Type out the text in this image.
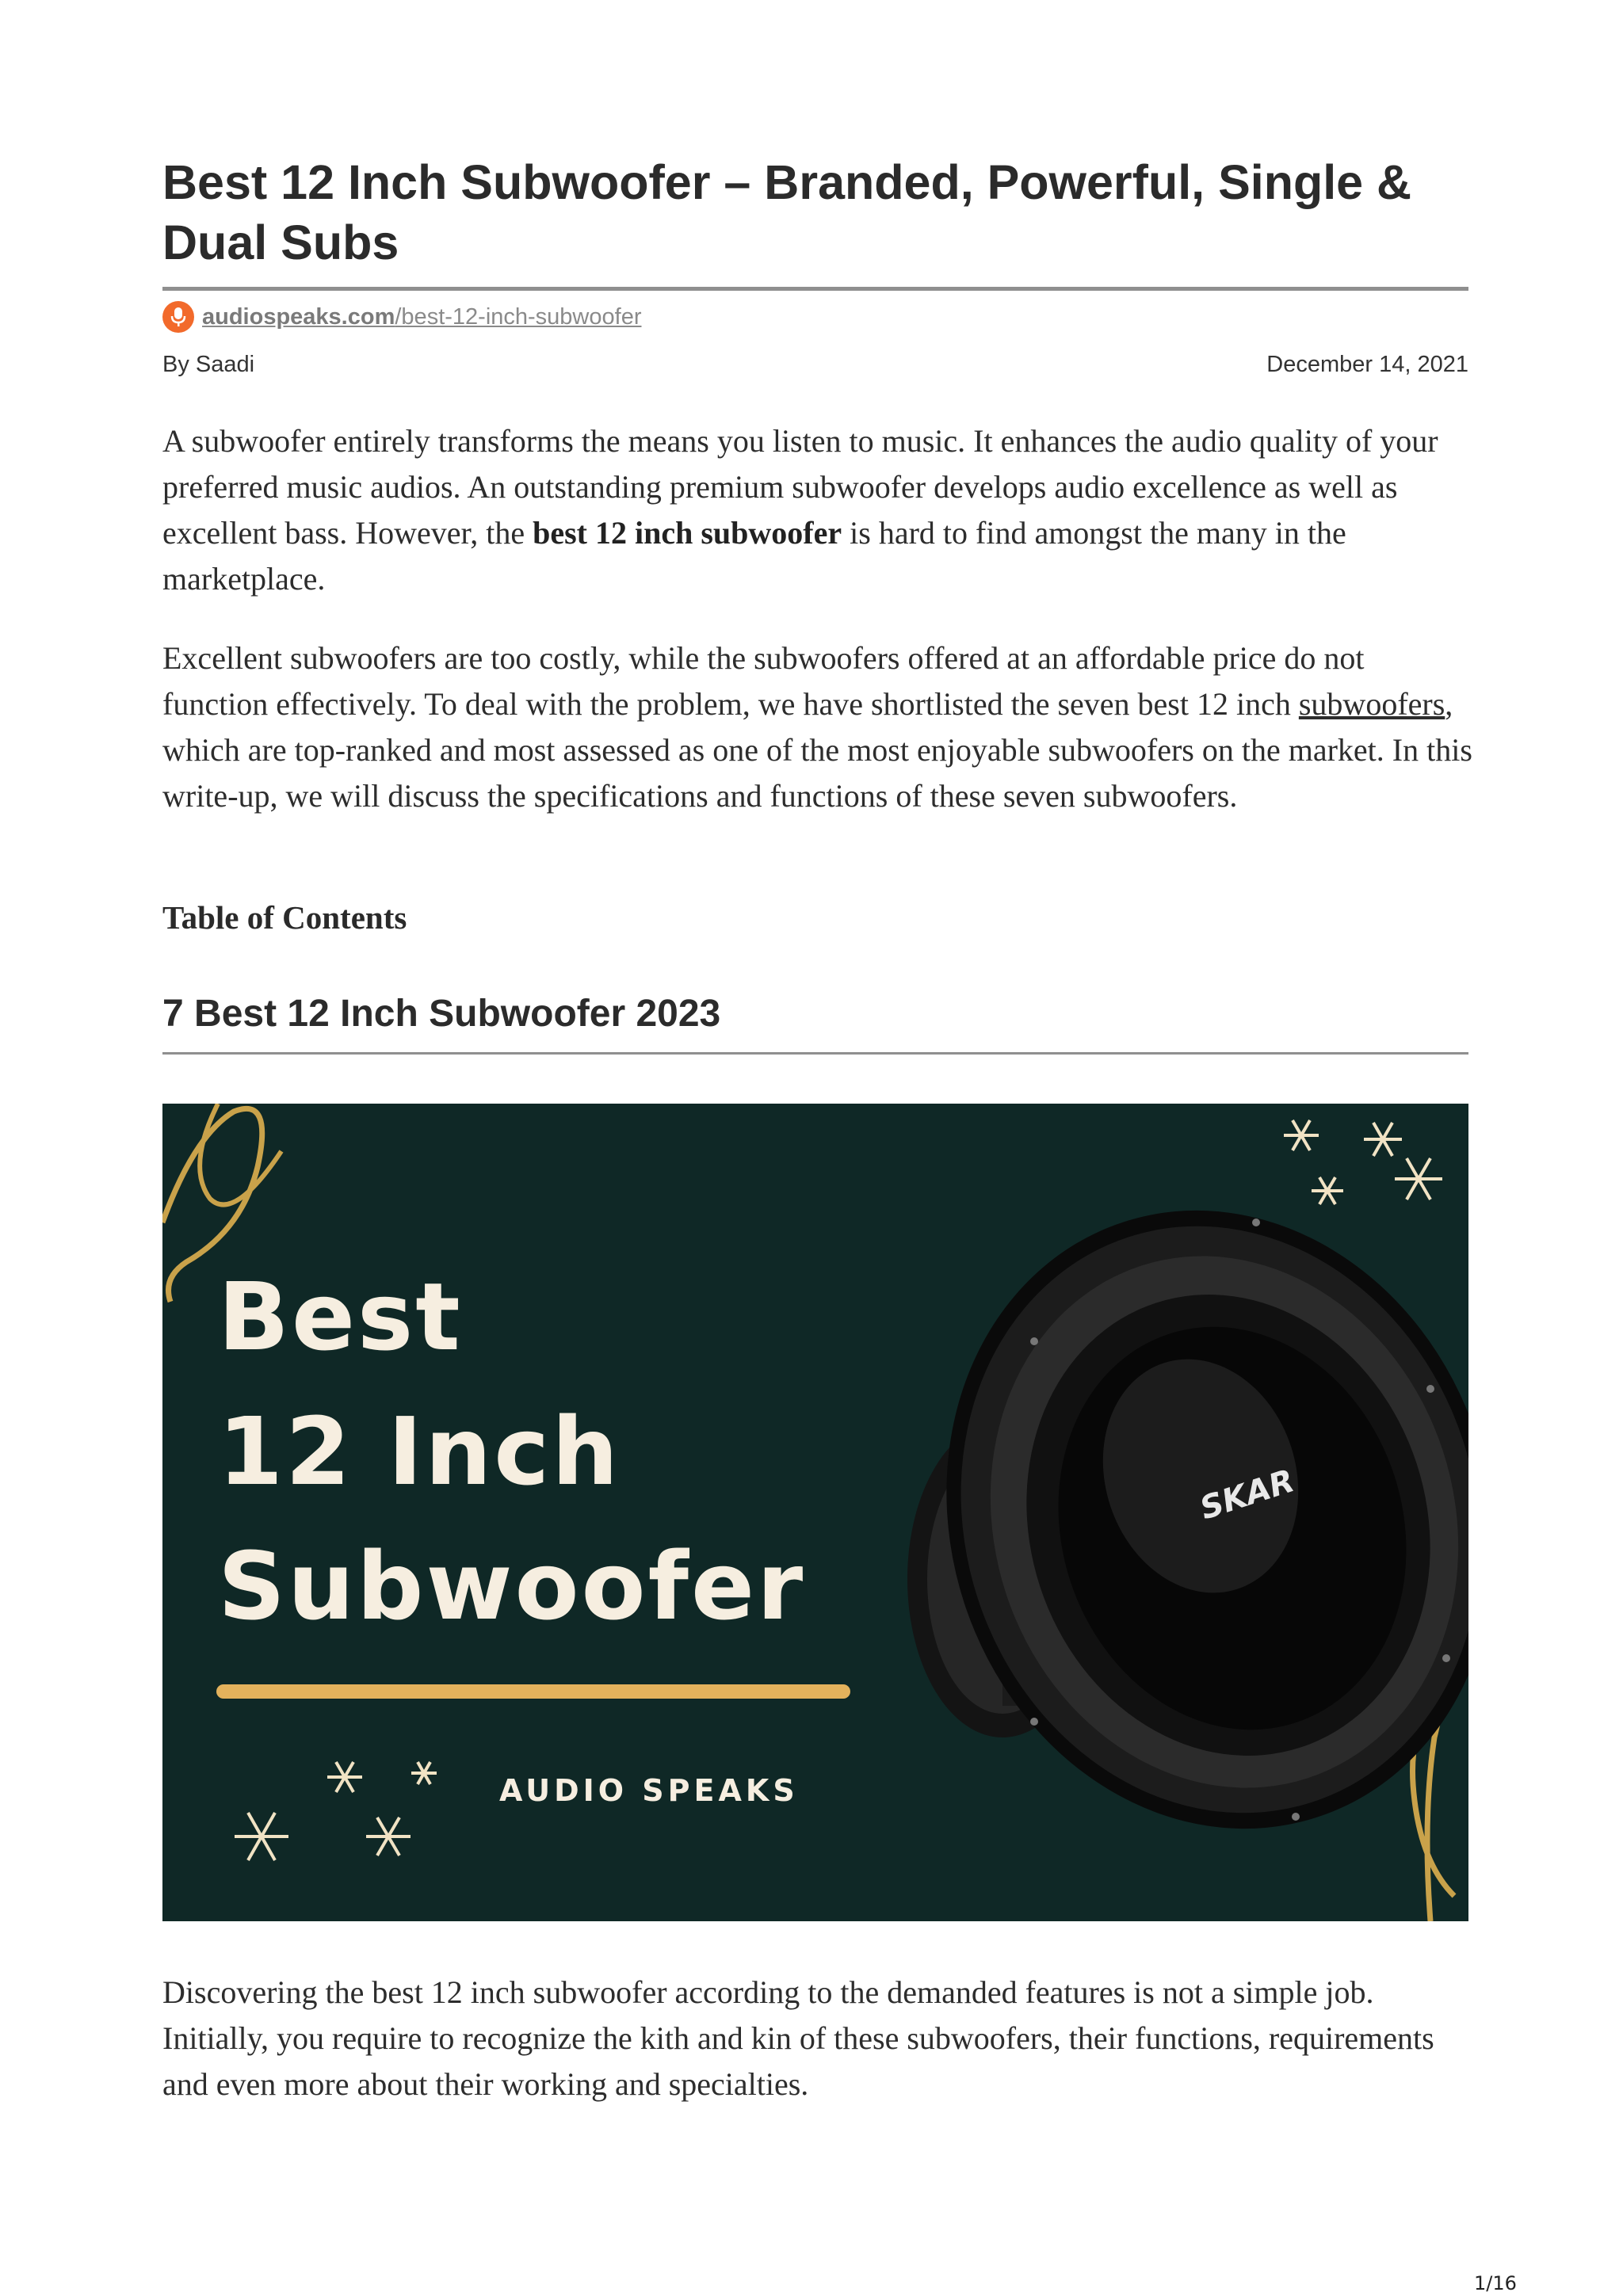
Best 12 Inch Subwoofer – Branded, Powerful, Single & Dual Subs
audiospeaks.com/best-12-inch-subwoofer
By Saadi	December 14, 2021

A subwoofer entirely transforms the means you listen to music. It enhances the audio quality of your preferred music audios. An outstanding premium subwoofer develops audio excellence as well as excellent bass. However, the best 12 inch subwoofer is hard to find amongst the many in the marketplace.

Excellent subwoofers are too costly, while the subwoofers offered at an affordable price do not function effectively. To deal with the problem, we have shortlisted the seven best 12 inch subwoofers, which are top-ranked and most assessed as one of the most enjoyable subwoofers on the market. In this write-up, we will discuss the specifications and functions of these seven subwoofers.

Table of Contents
7 Best 12 Inch Subwoofer 2023
SKAR
Best
12 Inch
Subwoofer
AUDIO SPEAKS

Discovering the best 12 inch subwoofer according to the demanded features is not a simple job. Initially, you require to recognize the kith and kin of these subwoofers, their functions, requirements and even more about their working and specialties.

1/16
